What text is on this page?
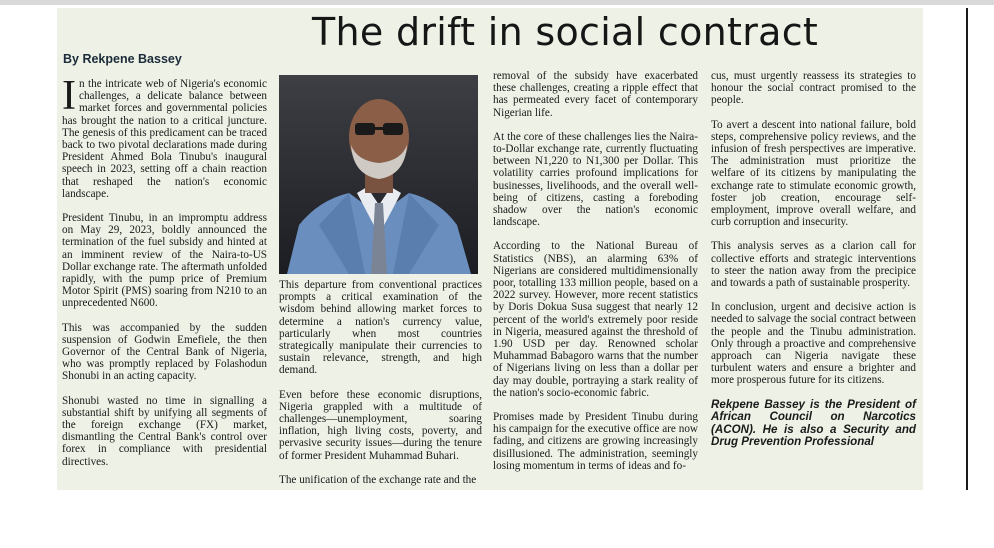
The drift in social contract
By Rekpene Bassey

In the intricate web of Nigeria's economic challenges, a delicate balance between market forces and governmental policies has brought the nation to a critical juncture. The genesis of this predicament can be traced back to two pivotal declarations made during President Ahmed Bola Tinubu's inaugural speech in 2023, setting off a chain reaction that reshaped the nation's economic landscape.

President Tinubu, in an impromptu address on May 29, 2023, boldly announced the termination of the fuel subsidy and hinted at an imminent review of the Naira-to-US Dollar exchange rate. The aftermath unfolded rapidly, with the pump price of Premium Motor Spirit (PMS) soaring from N210 to an unprecedented N600.

This was accompanied by the sudden suspension of Godwin Emefiele, the then Governor of the Central Bank of Nigeria, who was promptly replaced by Folashodun Shonubi in an acting capacity.

Shonubi wasted no time in signalling a substantial shift by unifying all segments of the foreign exchange (FX) market, dismantling the Central Bank's control over forex in compliance with presidential directives.

This departure from conventional practices prompts a critical examination of the wisdom behind allowing market forces to determine a nation's currency value, particularly when most countries strategically manipulate their currencies to sustain relevance, strength, and high demand.

Even before these economic disruptions, Nigeria grappled with a multitude of challenges—unemployment, soaring inflation, high living costs, poverty, and pervasive security issues—during the tenure of former President Muhammad Buhari.

The unification of the exchange rate and the

removal of the subsidy have exacerbated these challenges, creating a ripple effect that has permeated every facet of contemporary Nigerian life.

At the core of these challenges lies the Naira-to-Dollar exchange rate, currently fluctuating between N1,220 to N1,300 per Dollar. This volatility carries profound implications for businesses, livelihoods, and the overall well-being of citizens, casting a foreboding shadow over the nation's economic landscape.

According to the National Bureau of Statistics (NBS), an alarming 63% of Nigerians are considered multidimensionally poor, totalling 133 million people, based on a 2022 survey. However, more recent statistics by Doris Dokua Susa suggest that nearly 12 percent of the world's extremely poor reside in Nigeria, measured against the threshold of 1.90 USD per day. Renowned scholar Muhammad Babagoro warns that the number of Nigerians living on less than a dollar per day may double, portraying a stark reality of the nation's socio-economic fabric.

Promises made by President Tinubu during his campaign for the executive office are now fading, and citizens are growing increasingly disillusioned. The administration, seemingly losing momentum in terms of ideas and fo-

cus, must urgently reassess its strategies to honour the social contract promised to the people.

To avert a descent into national failure, bold steps, comprehensive policy reviews, and the infusion of fresh perspectives are imperative. The administration must prioritize the welfare of its citizens by manipulating the exchange rate to stimulate economic growth, foster job creation, encourage self-employment, improve overall welfare, and curb corruption and insecurity.

This analysis serves as a clarion call for collective efforts and strategic interventions to steer the nation away from the precipice and towards a path of sustainable prosperity.

In conclusion, urgent and decisive action is needed to salvage the social contract between the people and the Tinubu administration. Only through a proactive and comprehensive approach can Nigeria navigate these turbulent waters and ensure a brighter and more prosperous future for its citizens.

Rekpene Bassey is the President of African Council on Narcotics (ACON). He is also a Security and Drug Prevention Professional
